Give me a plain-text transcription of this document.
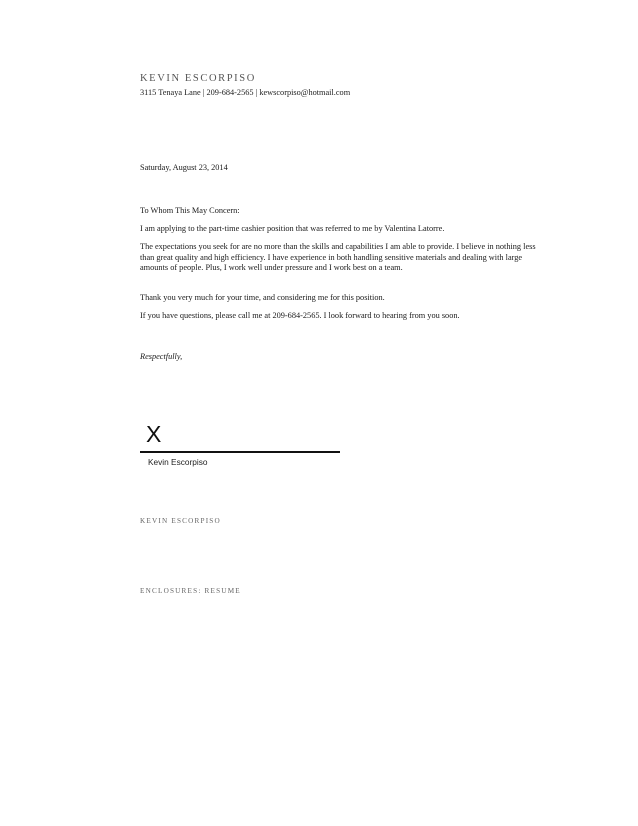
KEVIN ESCORPISO
3115 Tenaya Lane | 209-684-2565 | kewscorpiso@hotmail.com
Saturday, August 23, 2014
To Whom This May Concern:
I am applying to the part-time cashier position that was referred to me by Valentina Latorre.
The expectations you seek for are no more than the skills and capabilities I am able to provide. I believe in nothing less than great quality and high efficiency. I have experience in both handling sensitive materials and dealing with large amounts of people. Plus, I work well under pressure and I work best on a team.
Thank you very much for your time, and considering me for this position.
If you have questions, please call me at 209-684-2565. I look forward to hearing from you soon.
Respectfully,
X
Kevin Escorpiso
KEVIN ESCORPISO
ENCLOSURES: RESUME
